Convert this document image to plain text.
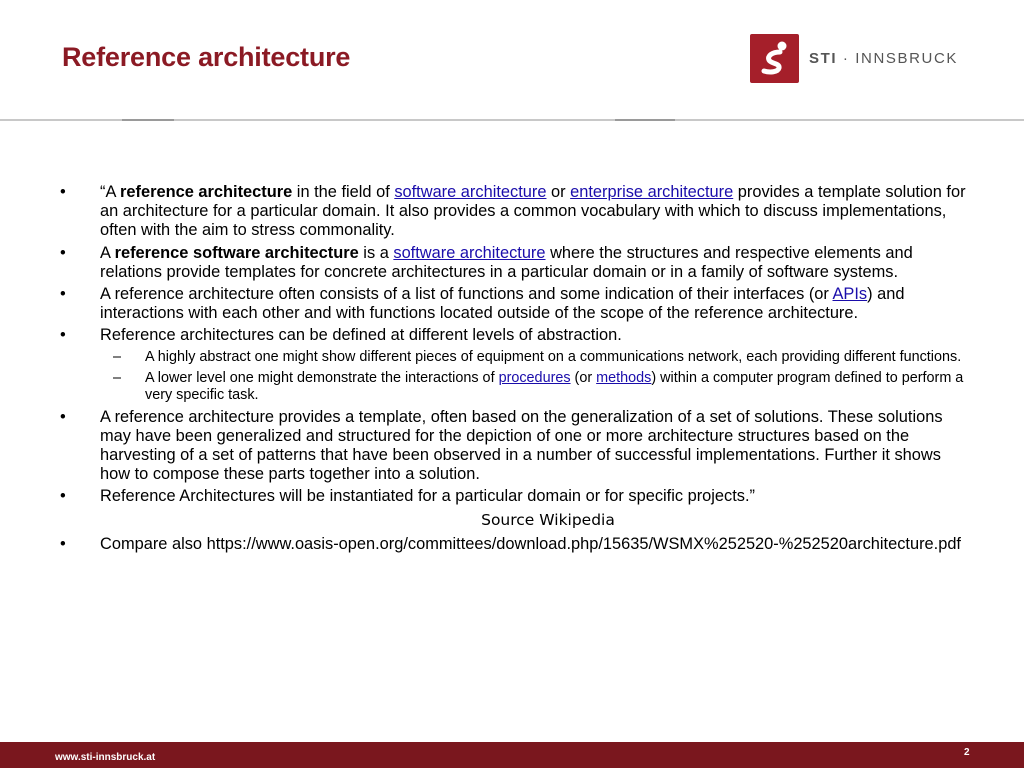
Reference architecture	STI · INNSBRUCK
• “A reference architecture in the field of software architecture or enterprise architecture provides a template solution for an architecture for a particular domain. It also provides a common vocabulary with which to discuss implementations, often with the aim to stress commonality.
• A reference software architecture is a software architecture where the structures and respective elements and relations provide templates for concrete architectures in a particular domain or in a family of software systems.
• A reference architecture often consists of a list of functions and some indication of their interfaces (or APIs) and interactions with each other and with functions located outside of the scope of the reference architecture.
• Reference architectures can be defined at different levels of abstraction.
– A highly abstract one might show different pieces of equipment on a communications network, each providing different functions.
– A lower level one might demonstrate the interactions of procedures (or methods) within a computer program defined to perform a very specific task.
• A reference architecture provides a template, often based on the generalization of a set of solutions. These solutions may have been generalized and structured for the depiction of one or more architecture structures based on the harvesting of a set of patterns that have been observed in a number of successful implementations. Further it shows how to compose these parts together into a solution.
• Reference Architectures will be instantiated for a particular domain or for specific projects.”
Source Wikipedia
• Compare also https://www.oasis-open.org/committees/download.php/15635/WSMX%252520-%252520architecture.pdf
www.sti-innsbruck.at	2
